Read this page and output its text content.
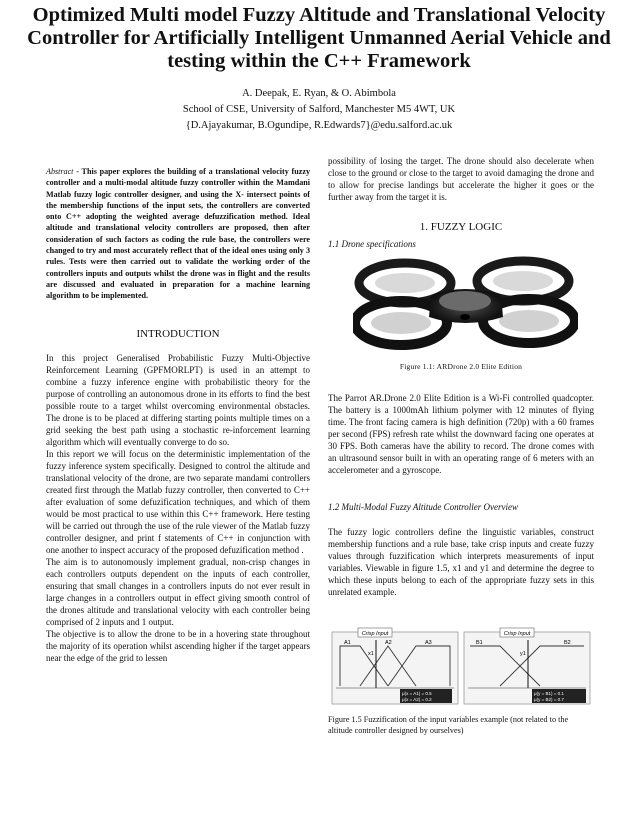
Optimized Multi model Fuzzy Altitude and Translational Velocity Controller for Artificially Intelligent Unmanned Aerial Vehicle and testing within the C++ Framework
A. Deepak, E. Ryan, & O. Abimbola
School of CSE, University of Salford, Manchester M5 4WT, UK
{D.Ajayakumar, B.Ogundipe, R.Edwards7}@edu.salford.ac.uk
Abstract - This paper explores the building of a translational velocity fuzzy controller and a multi-modal altitude fuzzy controller within the Mamdani Matlab fuzzy logic controller designer, and using the X- intersect points of the membership functions of the input sets, the controllers are converted onto C++ adopting the weighted average defuzzification method. Ideal altitude and translational velocity controllers are proposed, then after consideration of such factors as coding the rule base, the controllers were changed to try and most accurately reflect that of the ideal ones using only 3 rules. Tests were then carried out to validate the working order of the controllers inputs and outputs whilst the drone was in flight and the results are discussed and evaluated in preparation for a machine learning algorithm to be implemented.
INTRODUCTION

In this project Generalised Probabilistic Fuzzy Multi-Objective Reinforcement Learning (GPFMORLPT) is used in an attempt to combine a fuzzy inference engine with probabilistic theory for the purpose of controlling an autonomous drone in its efforts to find the best possible route to a target whilst overcoming environmental obstacles. The drone is to be placed at differing starting points multiple times on a grid seeking the best path using a stochastic re-inforcement learning algorithm which will eventually converge to do so.

In this report we will focus on the deterministic implementation of the fuzzy inference system specifically. Designed to control the altitude and translational velocity of the drone, are two separate mandami controllers created first through the Matlab fuzzy controller, then converted to C++ after evaluation of some defuzification techniques, and which of them would be most practical to use within this C++ framework. Here testing will be carried out through the use of the rule viewer of the Matlab fuzzy controller designer, and print f statements of C++ in conjunction with one another to inspect accuracy of the proposed defuzification method .

The aim is to autonomously implement gradual, non-crisp changes in each controllers outputs dependent on the inputs of each controller, ensuring that small changes in a controllers inputs do not ever result in large changes in a controllers output in effect giving smooth control of the drones altitude and translational velocity with each controller being comprised of 2 inputs and 1 output.

The objective is to allow the drone to be in a hovering state throughout the majority of its operation whilst ascending higher if the target appears near the edge of the grid to lessen

possibility of losing the target. The drone should also decelerate when close to the ground or close to the target to avoid damaging the drone and to allow for precise landings but accelerate the higher it goes or the further away from the target it is.
1. FUZZY LOGIC
1.1 Drone specifications
Figure 1.1: ARDrone 2.0 Elite Edition
The Parrot AR.Drone 2.0 Elite Edition is a Wi-Fi controlled quadcopter. The battery is a 1000mAh lithium polymer with 12 minutes of flying time. The front facing camera is high definition (720p) with a 60 frames per second (FPS) refresh rate whilst the downward facing one operates at 30 FPS. Both cameras have the ability to record. The drone comes with an ultrasound sensor built in with an operating range of 6 meters with an accelerometer and a gyroscope.
1.2 Multi-Modal Fuzzy Altitude Controller Overview
The fuzzy logic controllers define the linguistic variables, construct membership functions and a rule base, take crisp inputs and create fuzzy values through fuzzification which interprets measurements of input variables. Viewable in figure 1.5, x1 and y1 and determine the degree to which these inputs belong to each of the appropriate fuzzy sets in this unrelated example.
Crisp Input	Crisp Input
A1	A2	A3
x1
μ(x = A1) = 0.5
μ(x = A2) = 0.2
B1	B2
y1
μ(y = B1) = 0.1
μ(y = B2) = 0.7
Figure 1.5 Fuzzification of the input variables example (not related to the altitude controller designed by ourselves)
